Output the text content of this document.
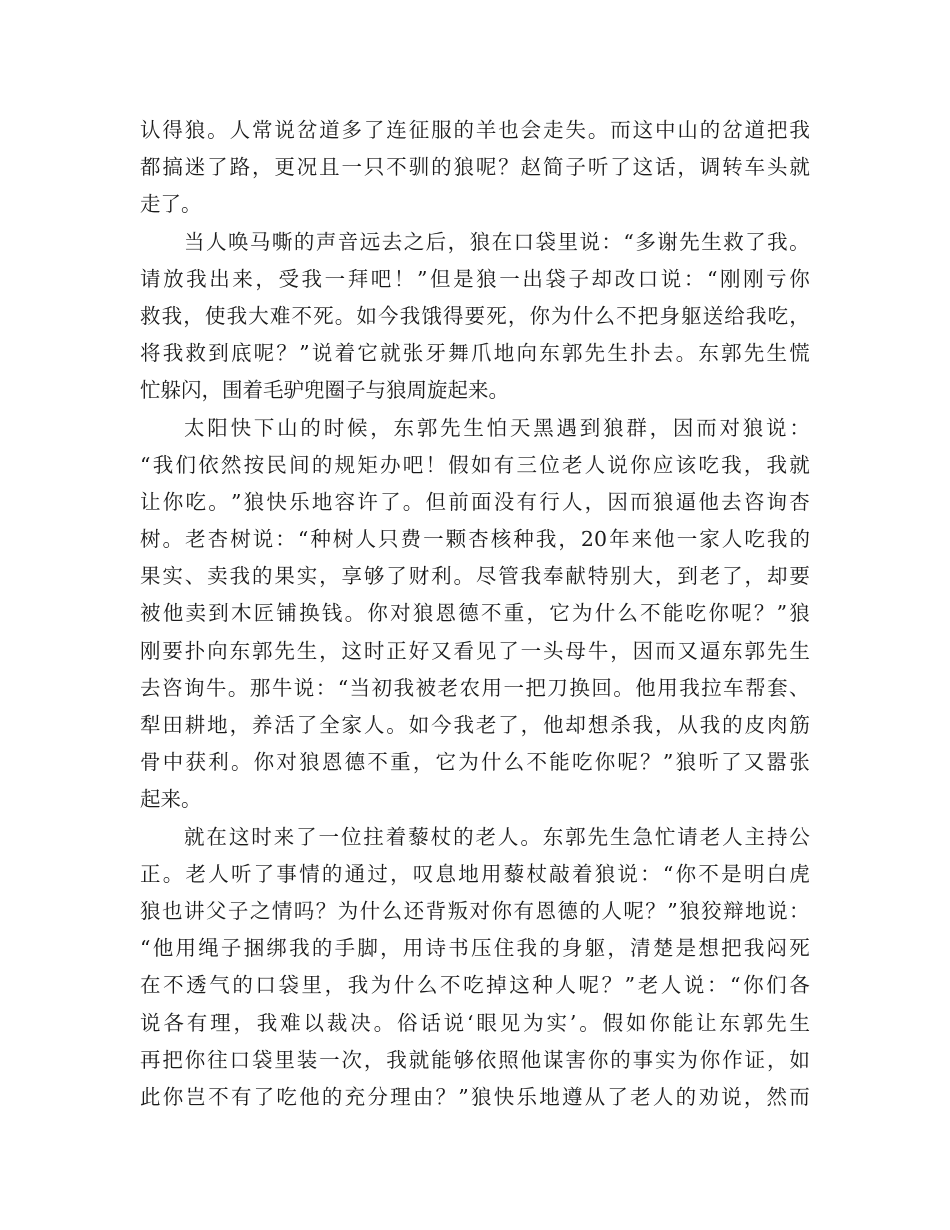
认 得 狼 。 人 常 说 岔 道 多 了 连 征 服 的 羊 也 会 走 失 。 而 这 中 山 的 岔 道 把 我
都 搞 迷 了 路 ， 更 况 且 一 只 不 驯 的 狼 呢 ？ 赵 简 子 听 了 这 话 ， 调 转 车 头 就
走了。
当 人 唤 马 嘶 的 声 音 远 去 之 后 ， 狼 在 口 袋 里 说 ： “ 多 谢 先 生 救 了 我 。
请 放 我 出 来 ， 受 我 一 拜 吧 ！ ” 但 是 狼 一 出 袋 子 却 改 口 说 ： “ 刚 刚 亏 你
救 我 ， 使 我 大 难 不 死 。 如 今 我 饿 得 要 死 ， 你 为 什 么 不 把 身 躯 送 给 我 吃 ，
将 我 救 到 底 呢 ？ ” 说 着 它 就 张 牙 舞 爪 地 向 东 郭 先 生 扑 去 。 东 郭 先 生 慌
忙躲闪，围着毛驴兜圈子与狼周旋起来。
太 阳 快 下 山 的 时 候 ， 东 郭 先 生 怕 天 黑 遇 到 狼 群 ， 因 而 对 狼 说 ：
“ 我 们 依 然 按 民 间 的 规 矩 办 吧 ！ 假 如 有 三 位 老 人 说 你 应 该 吃 我 ， 我 就
让 你 吃 。 ” 狼 快 乐 地 容 许 了 。 但 前 面 没 有 行 人 ， 因 而 狼 逼 他 去 咨 询 杏
树 。 老 杏 树 说 ： “ 种 树 人 只 费 一 颗 杏 核 种 我 ， 20 年 来 他 一 家 人 吃 我 的
果 实 、 卖 我 的 果 实 ， 享 够 了 财 利 。 尽 管 我 奉 献 特 别 大 ， 到 老 了 ， 却 要
被 他 卖 到 木 匠 铺 换 钱 。 你 对 狼 恩 德 不 重 ， 它 为 什 么 不 能 吃 你 呢 ？ ” 狼
刚 要 扑 向 东 郭 先 生 ， 这 时 正 好 又 看 见 了 一 头 母 牛 ， 因 而 又 逼 东 郭 先 生
去 咨 询 牛 。 那 牛 说 ： “ 当 初 我 被 老 农 用 一 把 刀 换 回 。 他 用 我 拉 车 帮 套 、
犁 田 耕 地 ， 养 活 了 全 家 人 。 如 今 我 老 了 ， 他 却 想 杀 我 ， 从 我 的 皮 肉 筋
骨 中 获 利 。 你 对 狼 恩 德 不 重 ， 它 为 什 么 不 能 吃 你 呢 ？ ” 狼 听 了 又 嚣 张
起来。
就 在 这 时 来 了 一 位 拄 着 藜 杖 的 老 人 。 东 郭 先 生 急 忙 请 老 人 主 持 公
正 。 老 人 听 了 事 情 的 通 过 ， 叹 息 地 用 藜 杖 敲 着 狼 说 ： “ 你 不 是 明 白 虎
狼 也 讲 父 子 之 情 吗 ？ 为 什 么 还 背 叛 对 你 有 恩 德 的 人 呢 ？ ” 狼 狡 辩 地 说 ：
“ 他 用 绳 子 捆 绑 我 的 手 脚 ， 用 诗 书 压 住 我 的 身 躯 ， 清 楚 是 想 把 我 闷 死
在 不 透 气 的 口 袋 里 ， 我 为 什 么 不 吃 掉 这 种 人 呢 ？ ” 老 人 说 ： “ 你 们 各
说 各 有 理 ， 我 难 以 裁 决 。 俗 话 说 ‘ 眼 见 为 实 ’ 。 假 如 你 能 让 东 郭 先 生
再 把 你 往 口 袋 里 装 一 次 ， 我 就 能 够 依 照 他 谋 害 你 的 事 实 为 你 作 证 ， 如
此 你 岂 不 有 了 吃 他 的 充 分 理 由 ？ ” 狼 快 乐 地 遵 从 了 老 人 的 劝 说 ， 然 而
